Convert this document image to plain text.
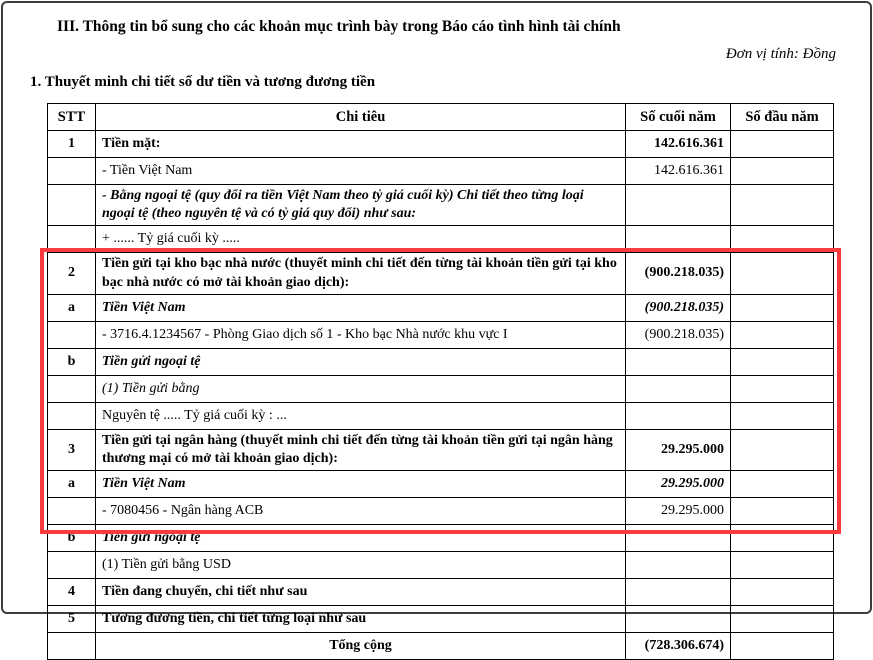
III. Thông tin bổ sung cho các khoản mục trình bày trong Báo cáo tình hình tài chính
Đơn vị tính: Đồng
1. Thuyết minh chi tiết số dư tiền và tương đương tiền
STT	Chi tiêu	Số cuối năm	Số đầu năm
1	Tiền mặt:	142.616.361	
	- Tiền Việt Nam	142.616.361	
	- Bằng ngoại tệ (quy đổi ra tiền Việt Nam theo tỷ giá cuối kỳ) Chi tiết theo từng loại ngoại tệ (theo nguyên tệ và có tỷ giá quy đổi) như sau:		
	+ ...... Tỷ giá cuối kỳ .....		
2	Tiền gửi tại kho bạc nhà nước (thuyết minh chi tiết đến từng tài khoản tiền gửi tại kho bạc nhà nước có mở tài khoản giao dịch):	(900.218.035)	
a	Tiền Việt Nam	(900.218.035)	
	- 3716.4.1234567 - Phòng Giao dịch số 1 - Kho bạc Nhà nước khu vực I	(900.218.035)	
b	Tiền gửi ngoại tệ		
	(1) Tiền gửi bằng		
	Nguyên tệ ..... Tỷ giá cuối kỳ : ...		
3	Tiền gửi tại ngân hàng (thuyết minh chi tiết đến từng tài khoản tiền gửi tại ngân hàng thương mại có mở tài khoản giao dịch):	29.295.000	
a	Tiền Việt Nam	29.295.000	
	- 7080456 - Ngân hàng ACB	29.295.000	
b	Tiền gửi ngoại tệ		
	(1) Tiền gửi bằng USD		
4	Tiền đang chuyển, chi tiết như sau		
5	Tương đương tiền, chi tiết từng loại như sau		
	Tổng cộng	(728.306.674)	
